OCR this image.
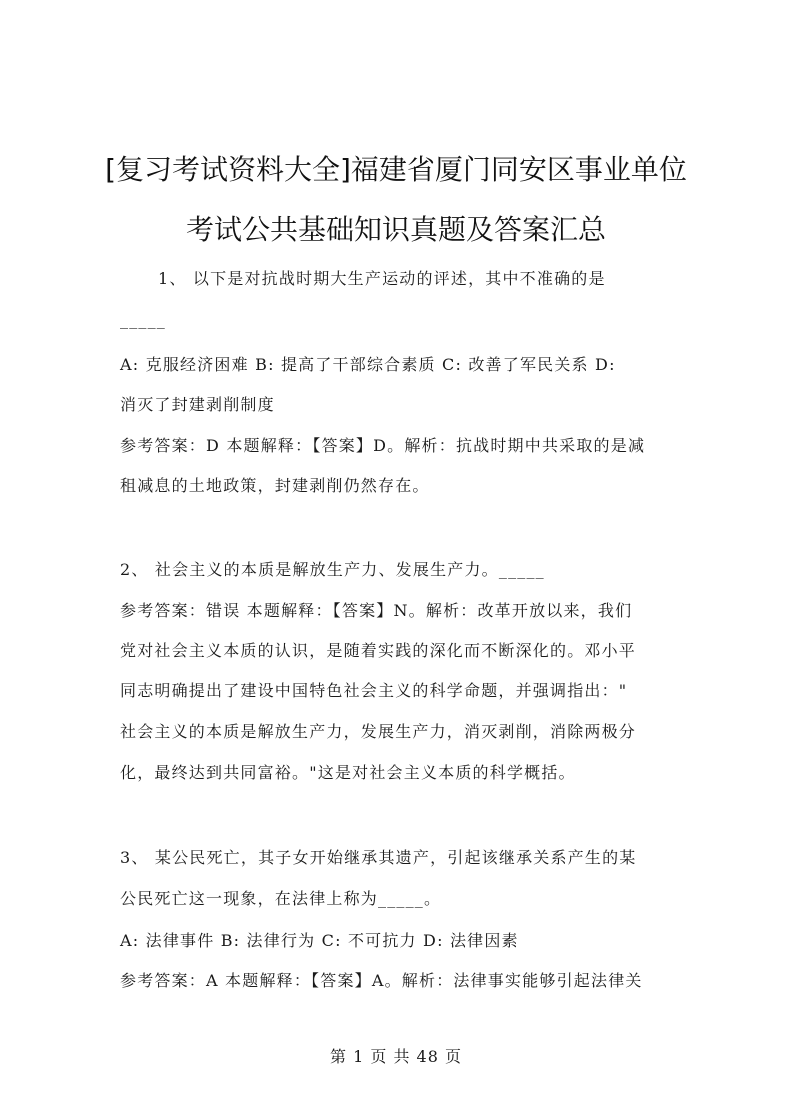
[复习考试资料大全]福建省厦门同安区事业单位
考试公共基础知识真题及答案汇总
1、 以下是对抗战时期大生产运动的评述，其中不准确的是
_____
A: 克服经济困难 B: 提高了干部综合素质 C: 改善了军民关系 D:
消灭了封建剥削制度
参考答案：D 本题解释：【答案】D。解析：抗战时期中共采取的是减
租减息的土地政策，封建剥削仍然存在。
2、 社会主义的本质是解放生产力、发展生产力。_____
参考答案：错误 本题解释：【答案】N。解析：改革开放以来，我们
党对社会主义本质的认识，是随着实践的深化而不断深化的。邓小平
同志明确提出了建设中国特色社会主义的科学命题，并强调指出："
社会主义的本质是解放生产力，发展生产力，消灭剥削，消除两极分
化，最终达到共同富裕。"这是对社会主义本质的科学概括。
3、 某公民死亡，其子女开始继承其遗产，引起该继承关系产生的某
公民死亡这一现象，在法律上称为_____。
A: 法律事件 B: 法律行为 C: 不可抗力 D: 法律因素
参考答案：A 本题解释：【答案】A。解析：法律事实能够引起法律关
第 1 页 共 48 页
